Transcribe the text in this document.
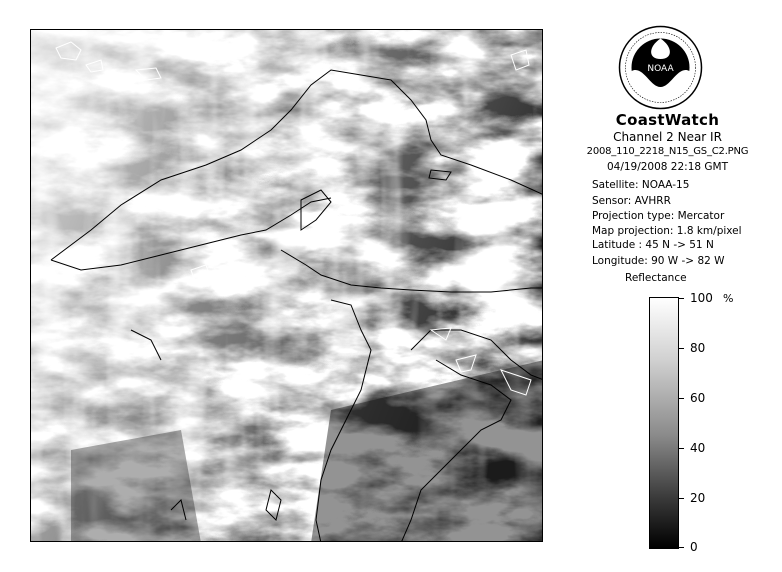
NOAA
CoastWatch
Channel 2 Near IR
2008_110_2218_N15_GS_C2.PNG
04/19/2008 22:18 GMT
Satellite: NOAA-15
Sensor: AVHRR
Projection type: Mercator
Map projection: 1.8 km/pixel
Latitude : 45 N -> 51 N
Longitude: 90 W -> 82 W
Reflectance
%
100
80
60
40
20
0
